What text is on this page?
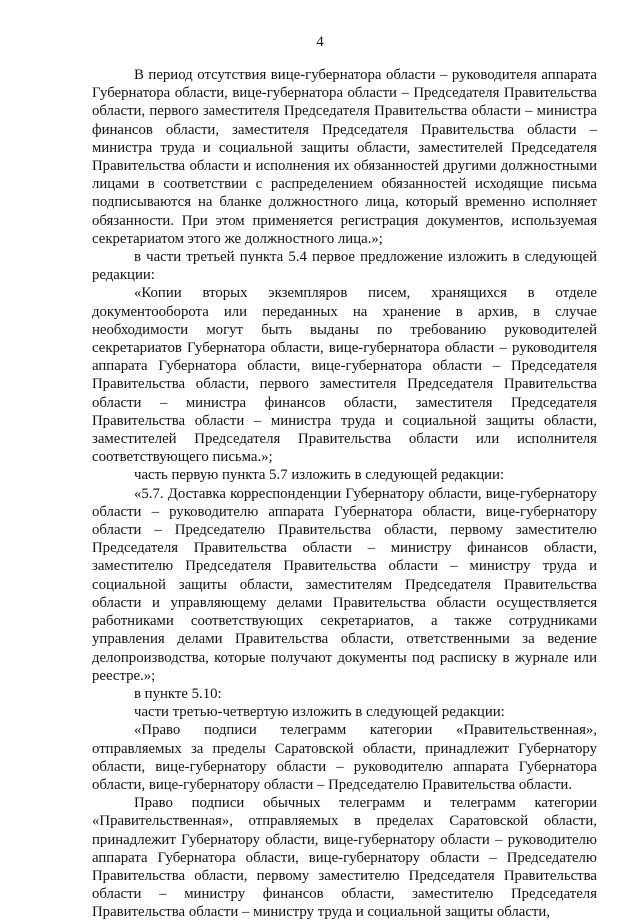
4

В период отсутствия вице-губернатора области – руководителя аппарата Губернатора области, вице-губернатора области – Председателя Правительства области, первого заместителя Председателя Правительства области – министра финансов области, заместителя Председателя Правительства области – министра труда и социальной защиты области, заместителей Председателя Правительства области и исполнения их обязанностей другими должностными лицами в соответствии с распределением обязанностей исходящие письма подписываются на бланке должностного лица, который временно исполняет обязанности. При этом применяется регистрация документов, используемая секретариатом этого же должностного лица.»;

в части третьей пункта 5.4 первое предложение изложить в следующей редакции:

«Копии вторых экземпляров писем, хранящихся в отделе документооборота или переданных на хранение в архив, в случае необходимости могут быть выданы по требованию руководителей секретариатов Губернатора области, вице-губернатора области – руководителя аппарата Губернатора области, вице-губернатора области – Председателя Правительства области, первого заместителя Председателя Правительства области – министра финансов области, заместителя Председателя Правительства области – министра труда и социальной защиты области, заместителей Председателя Правительства области или исполнителя соответствующего письма.»;

часть первую пункта 5.7 изложить в следующей редакции:

«5.7. Доставка корреспонденции Губернатору области, вице-губернатору области – руководителю аппарата Губернатора области, вице-губернатору области – Председателю Правительства области, первому заместителю Председателя Правительства области – министру финансов области, заместителю Председателя Правительства области – министру труда и социальной защиты области, заместителям Председателя Правительства области и управляющему делами Правительства области осуществляется работниками соответствующих секретариатов, а также сотрудниками управления делами Правительства области, ответственными за ведение делопроизводства, которые получают документы под расписку в журнале или реестре.»;

в пункте 5.10:

части третью-четвертую изложить в следующей редакции:

«Право подписи телеграмм категории «Правительственная», отправляемых за пределы Саратовской области, принадлежит Губернатору области, вице-губернатору области – руководителю аппарата Губернатора области, вице-губернатору области – Председателю Правительства области.

Право подписи обычных телеграмм и телеграмм категории «Правительственная», отправляемых в пределах Саратовской области, принадлежит Губернатору области, вице-губернатору области – руководителю аппарата Губернатора области, вице-губернатору области – Председателю Правительства области, первому заместителю Председателя Правительства области – министру финансов области, заместителю Председателя Правительства области – министру труда и социальной защиты области,
